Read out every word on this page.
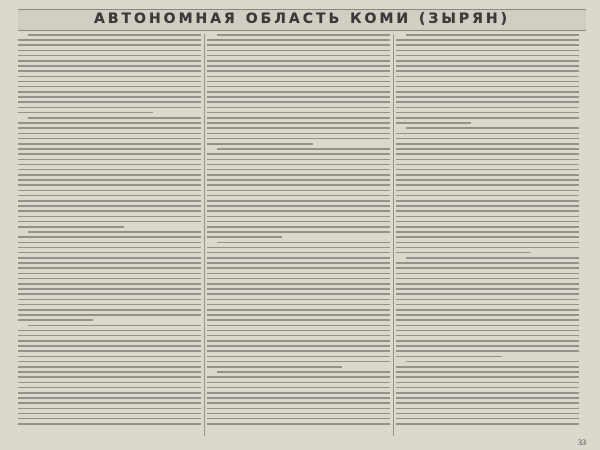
АВТОНОМНАЯ ОБЛАСТЬ КОМИ (ЗЫРЯН)
33
